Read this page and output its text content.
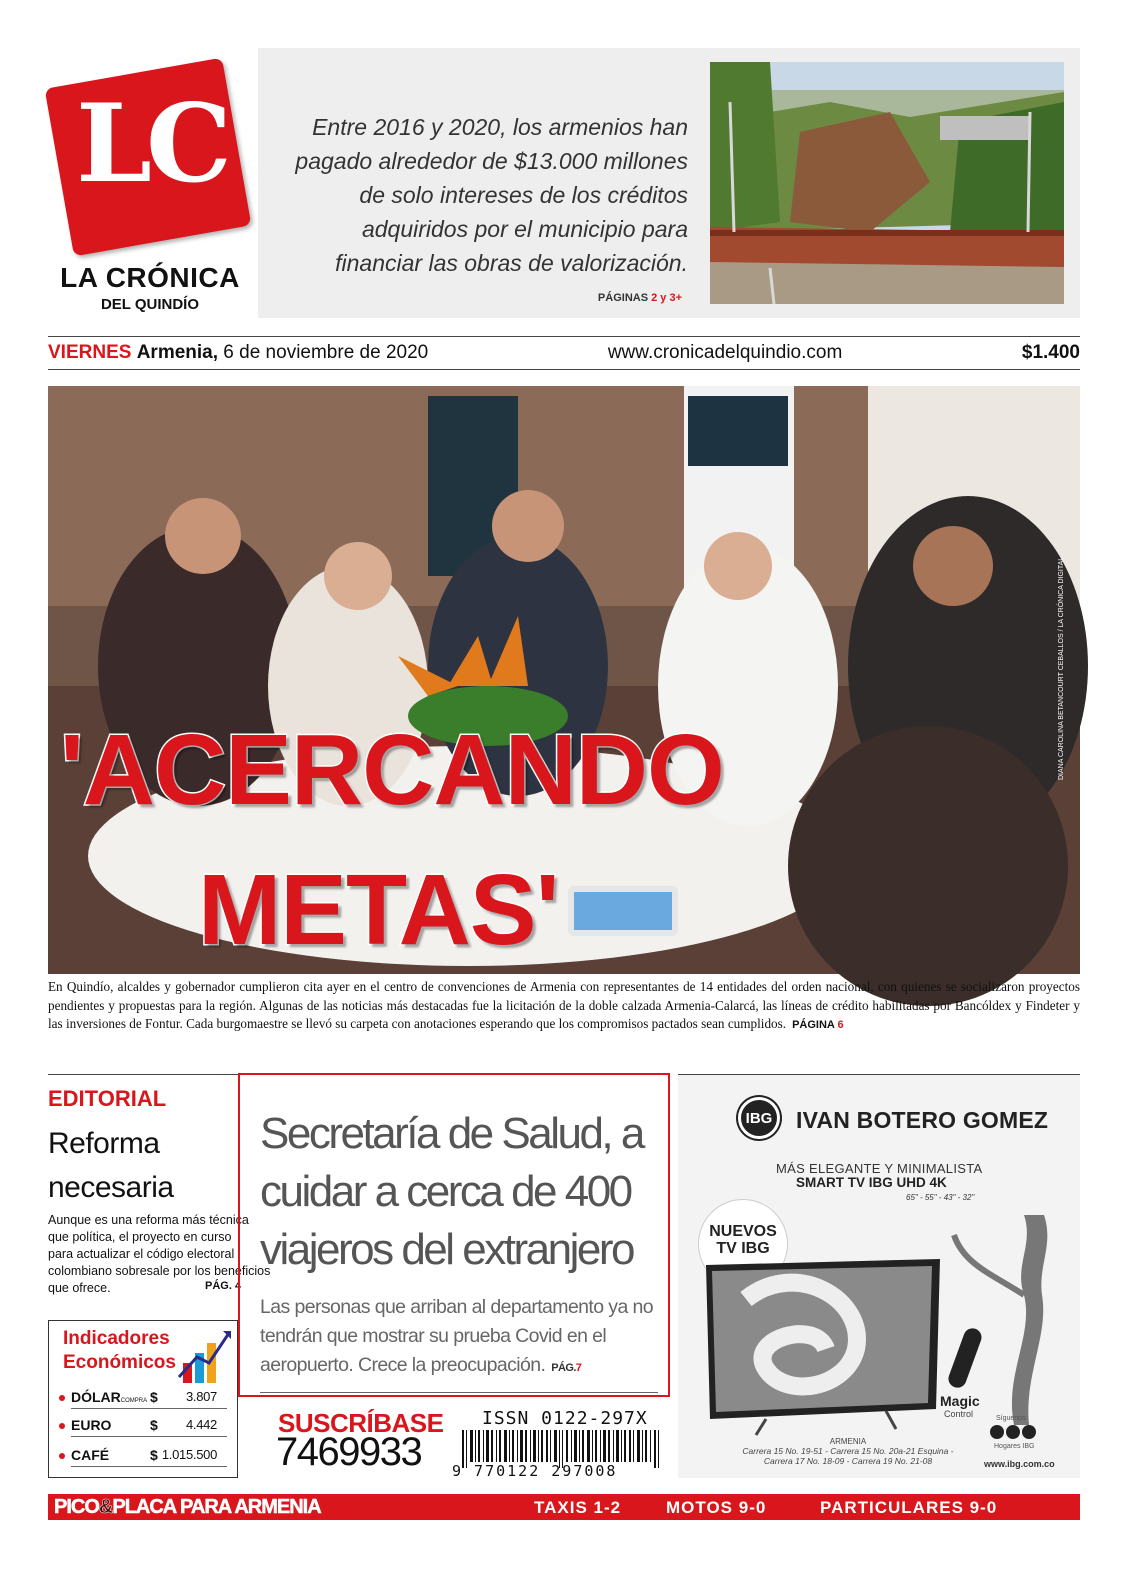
LC
LA CRÓNICA
DEL QUINDÍO
Entre 2016 y 2020, los armenios han pagado alrededor de $13.000 millones de solo intereses de los créditos adquiridos por el municipio para financiar las obras de valorización.
PÁGINAS 2 y 3+
VIERNES Armenia, 6 de noviembre de 2020	www.cronicadelquindio.com	$1.400
'ACERCANDO
METAS'
DIANA CAROLINA BETANCOURT CEBALLOS / LA CRÓNICA DIGITAL
En Quindío, alcaldes y gobernador cumplieron cita ayer en el centro de convenciones de Armenia con representantes de 14 entidades del orden nacional, con quienes se socializaron proyectos pendientes y propuestas para la región. Algunas de las noticias más destacadas fue la licitación de la doble calzada Armenia-Calarcá, las líneas de crédito habilitadas por Bancóldex y Findeter y las inversiones de Fontur. Cada burgomaestre se llevó su carpeta con anotaciones esperando que los compromisos pactados sean cumplidos. PÁGINA 6
EDITORIAL
Reforma
necesaria
Aunque es una reforma más técnica
que política, el proyecto en curso
para actualizar el código electoral
colombiano sobresale por los beneficios
que ofrece.	PÁG. 4
Indicadores
Económicos
DÓLARCOMPRA $ 3.807
EURO	$ 4.442
CAFÉ	$ 1.015.500
Secretaría de Salud, a cuidar a cerca de 400 viajeros del extranjero
Las personas que arriban al departamento ya no tendrán que mostrar su prueba Covid en el aeropuerto. Crece la preocupación. PÁG.7
SUSCRÍBASE
7469933
ISSN 0122-297X
9 770122 297008
IBG	IVAN BOTERO GOMEZ
MÁS ELEGANTE Y MINIMALISTA
SMART TV IBG UHD 4K
65" - 55" - 43" - 32"
NUEVOS
TV IBG
Magic
Control
ARMENIA
Carrera 15 No. 19-51 - Carrera 15 No. 20a-21 Esquina - Carrera 17 No. 18-09 - Carrera 19 No. 21-08
Síguenos
Hogares IBG
www.ibg.com.co
PICO&PLACA PARA ARMENIA	TAXIS 1-2	MOTOS 9-0	PARTICULARES 9-0
